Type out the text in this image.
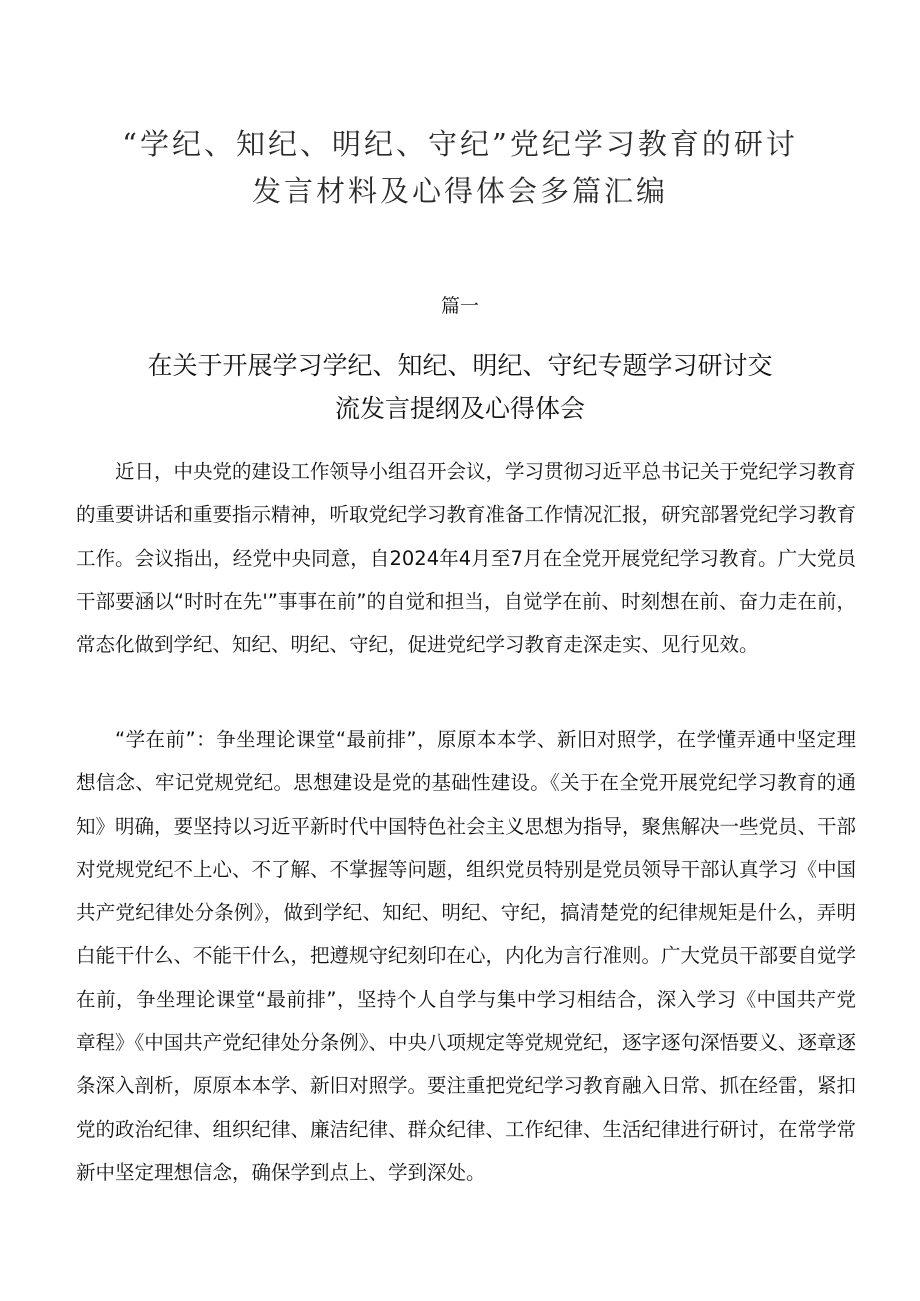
“学纪、知纪、明纪、守纪”党纪学习教育的研讨
发言材料及心得体会多篇汇编
篇一
在关于开展学习学纪、知纪、明纪、守纪专题学习研讨交
流发言提纲及心得体会

近日，中央党的建设工作领导小组召开会议，学习贯彻习近平总书记关于党纪学习教育的重要讲话和重要指示精神，听取党纪学习教育准备工作情况汇报，研究部署党纪学习教育工作。会议指出，经党中央同意，自2024年4月至7月在全党开展党纪学习教育。广大党员干部要涵以“时时在先'”事事在前”的自觉和担当，自觉学在前、时刻想在前、奋力走在前，常态化做到学纪、知纪、明纪、守纪，促进党纪学习教育走深走实、见行见效。

“学在前”：争坐理论课堂“最前排”，原原本本学、新旧对照学，在学懂弄通中坚定理想信念、牢记党规党纪。思想建设是党的基础性建设。《关于在全党开展党纪学习教育的通知》明确，要坚持以习近平新时代中国特色社会主义思想为指导，聚焦解决一些党员、干部对党规党纪不上心、不了解、不掌握等问题，组织党员特别是党员领导干部认真学习《中国共产党纪律处分条例》，做到学纪、知纪、明纪、守纪，搞清楚党的纪律规矩是什么，弄明白能干什么、不能干什么，把遵规守纪刻印在心，内化为言行准则。广大党员干部要自觉学在前，争坐理论课堂“最前排”，坚持个人自学与集中学习相结合，深入学习《中国共产党章程》《中国共产党纪律处分条例》、中央八项规定等党规党纪，逐字逐句深悟要义、逐章逐条深入剖析，原原本本学、新旧对照学。要注重把党纪学习教育融入日常、抓在经雷，紧扣党的政治纪律、组织纪律、廉洁纪律、群众纪律、工作纪律、生活纪律进行研讨，在常学常新中坚定理想信念，确保学到点上、学到深处。
